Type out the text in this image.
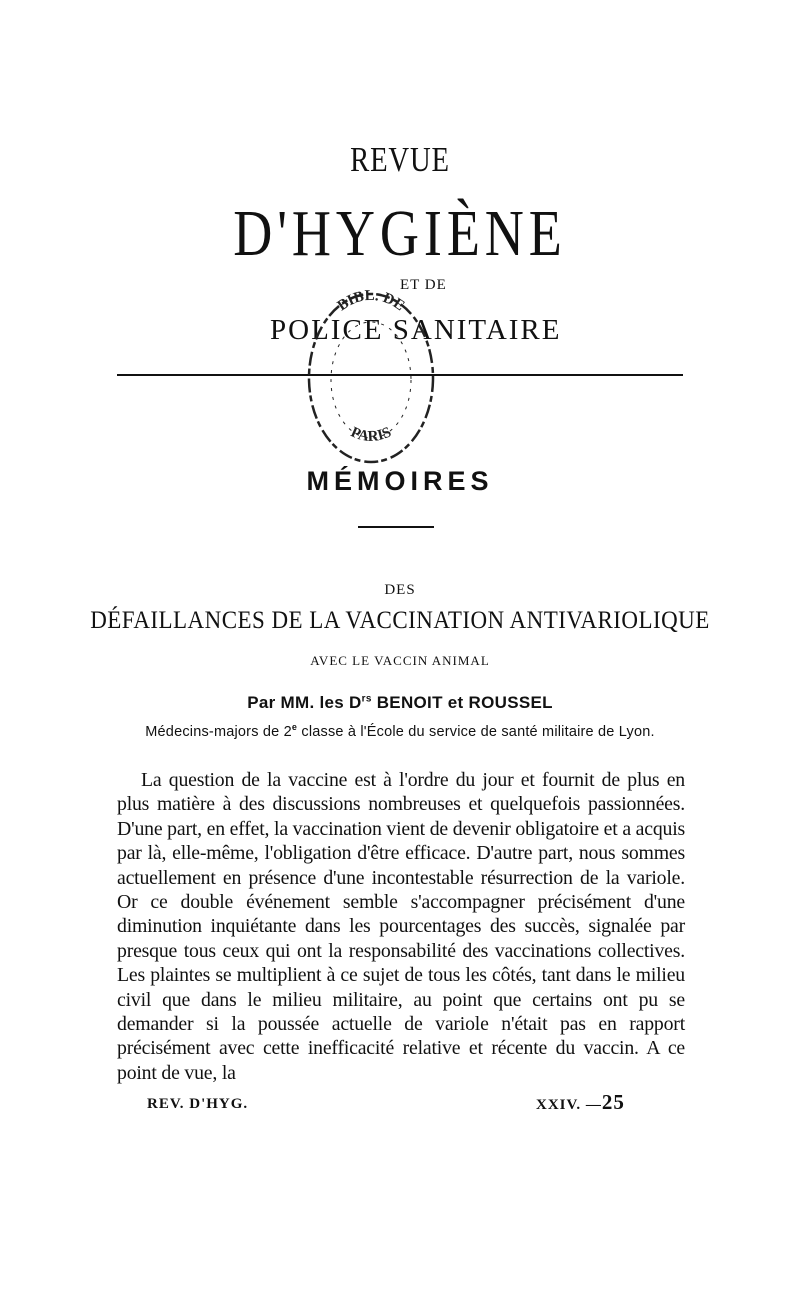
REVUE
D'HYGIÈNE
ET DE
POLICE SANITAIRE
BIBL. DE
PARIS
MÉMOIRES
DES
DÉFAILLANCES DE LA VACCINATION ANTIVARIOLIQUE
AVEC LE VACCIN ANIMAL
Par MM. les $D^{rs}$ BENOIT et ROUSSEL
Médecins-majors de 2e classe à l'École du service de santé militaire de Lyon.

La question de la vaccine est à l'ordre du jour et fournit de plus en plus matière à des discussions nombreuses et quelquefois passionnées. D'une part, en effet, la vaccination vient de devenir obligatoire et a acquis par là, elle-même, l'obligation d'être efficace. D'autre part, nous sommes actuellement en présence d'une incontestable résurrection de la variole. Or ce double événement semble s'accompagner précisément d'une diminution inquiétante dans les pourcentages des succès, signalée par presque tous ceux qui ont la responsabilité des vaccinations collectives. Les plaintes se multiplient à ce sujet de tous les côtés, tant dans le milieu civil que dans le milieu militaire, au point que certains ont pu se demander si la poussée actuelle de variole n'était pas en rapport précisément avec cette inefficacité relative et récente du vaccin. A ce point de vue, la

REV. D'HYG.	XXIV. —25
